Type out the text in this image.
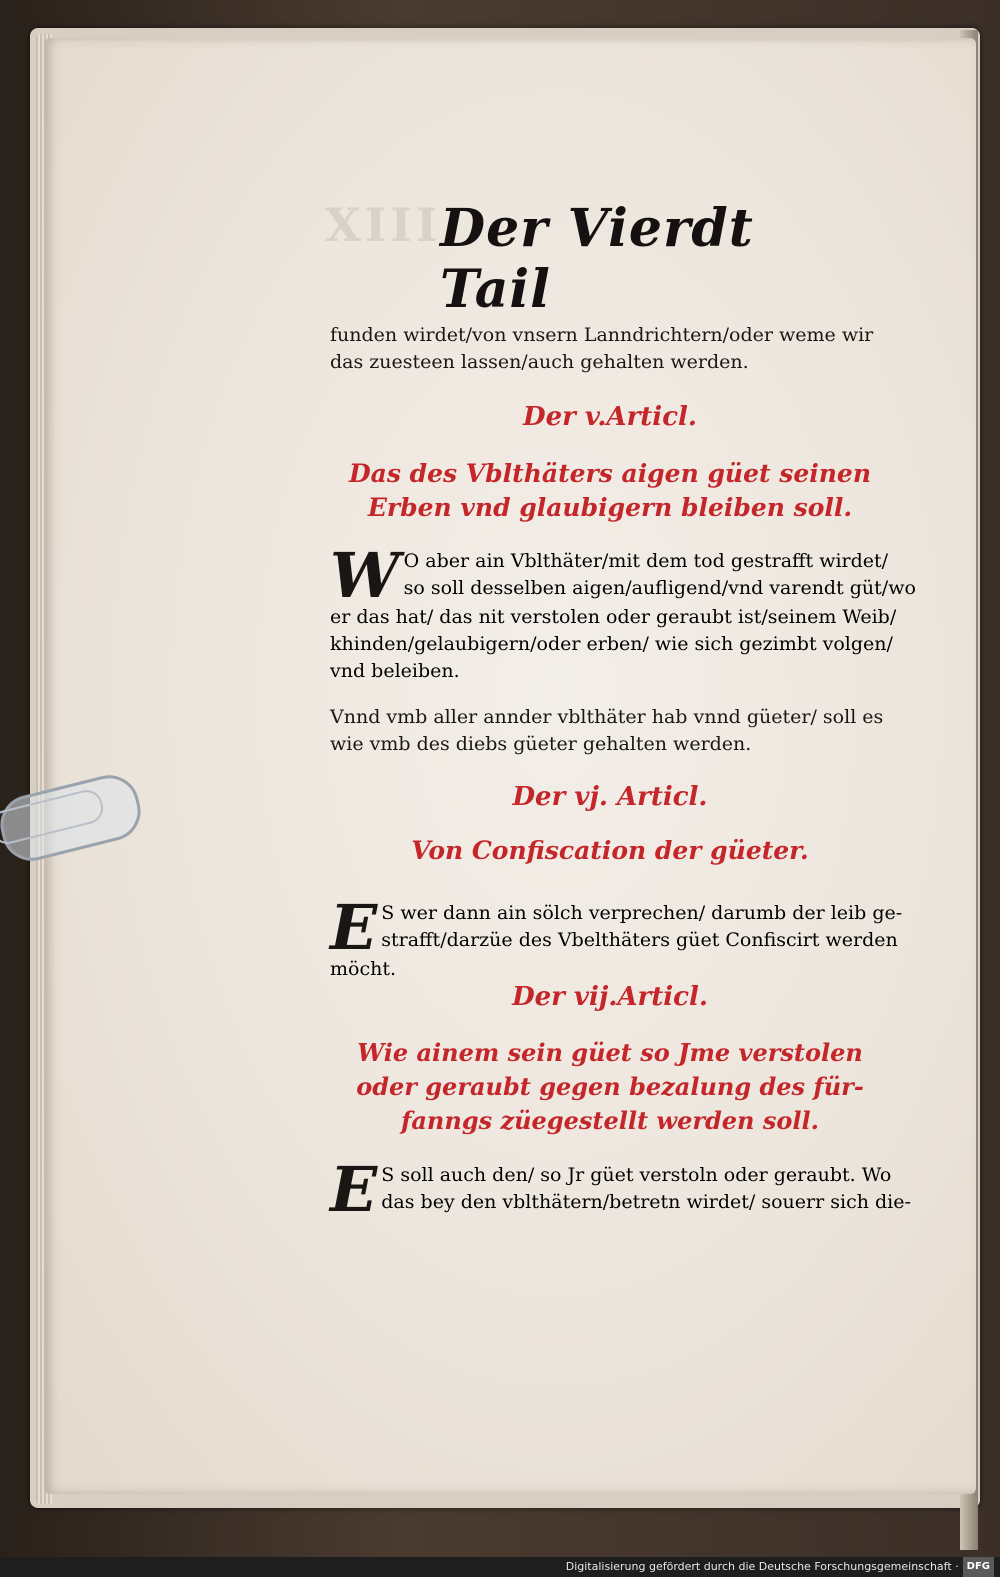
XIII
Der Vierdt Tail
funden wirdet/von vnsern Lanndrichtern/oder weme wir
das zuesteen lassen/auch gehalten werden.
Der v.Articl.
Das des Vblthäters aigen güet seinen
Erben vnd glaubigern bleiben soll.
W O aber ain Vblthäter/mit dem tod gestrafft wirdet/
so soll desselben aigen/aufligend/vnd varendt güt/wo
er das hat/ das nit verstolen oder geraubt ist/seinem Weib/
khinden/gelaubigern/oder erben/ wie sich gezimbt volgen/
vnd beleiben.
Vnnd vmb aller annder vblthäter hab vnnd güeter/ soll es
wie vmb des diebs güeter gehalten werden.
Der vj. Articl.
Von Confiscation der güeter.
E S wer dann ain sölch verprechen/ darumb der leib ge-
strafft/darzüe des Vbelthäters güet Confiscirt werden
möcht.
Der vij.Articl.
Wie ainem sein güet so Jme verstolen
oder geraubt gegen bezalung des für-
fanngs züegestellt werden soll.
E S soll auch den/ so Jr güet verstoln oder geraubt. Wo
das bey den vblthätern/betretn wirdet/ souerr sich die-
Digitalisierung gefördert durch die Deutsche Forschungsgemeinschaft · DFG
